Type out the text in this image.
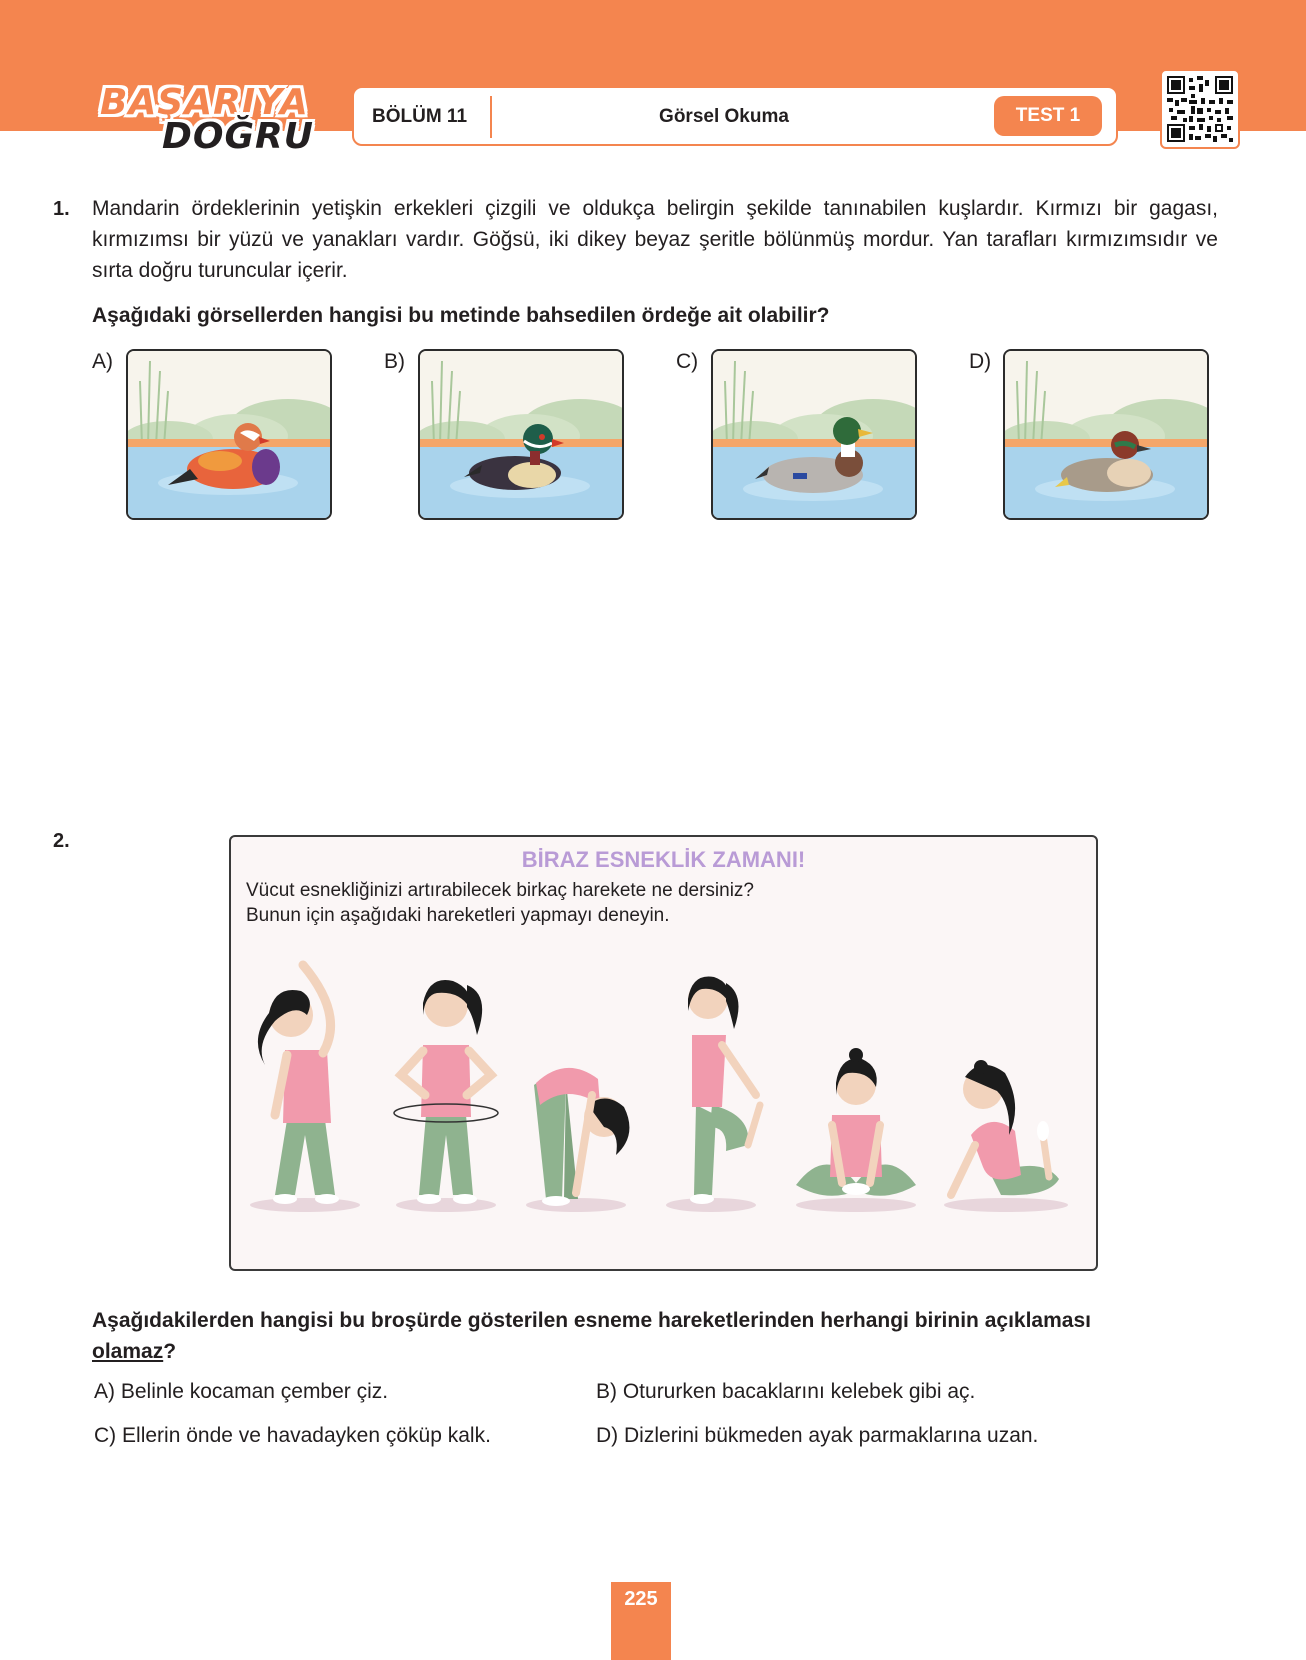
BAŞARIYA
DOĞRU	BÖLÜM 11	Görsel Okuma	TEST 1
1. Mandarin ördeklerinin yetişkin erkekleri çizgili ve oldukça belirgin şekilde tanınabilen kuşlardır. Kırmızı bir gagası, kırmızımsı bir yüzü ve yanakları vardır. Göğsü, iki dikey beyaz şeritle bölünmüş mordur. Yan tarafları kırmızımsıdır ve sırta doğru turuncular içerir.
Aşağıdaki görsellerden hangisi bu metinde bahsedilen ördeğe ait olabilir?
A)	B)	C)	D)
2.
BİRAZ ESNEKLİK ZAMANI!
Vücut esnekliğinizi artırabilecek birkaç harekete ne dersiniz?
Bunun için aşağıdaki hareketleri yapmayı deneyin.
Aşağıdakilerden hangisi bu broşürde gösterilen esneme hareketlerinden herhangi birinin açıklaması
olamaz?
A) Belinle kocaman çember çiz.	B) Otururken bacaklarını kelebek gibi aç.
C) Ellerin önde ve havadayken çöküp kalk.	D) Dizlerini bükmeden ayak parmaklarına uzan.
225
